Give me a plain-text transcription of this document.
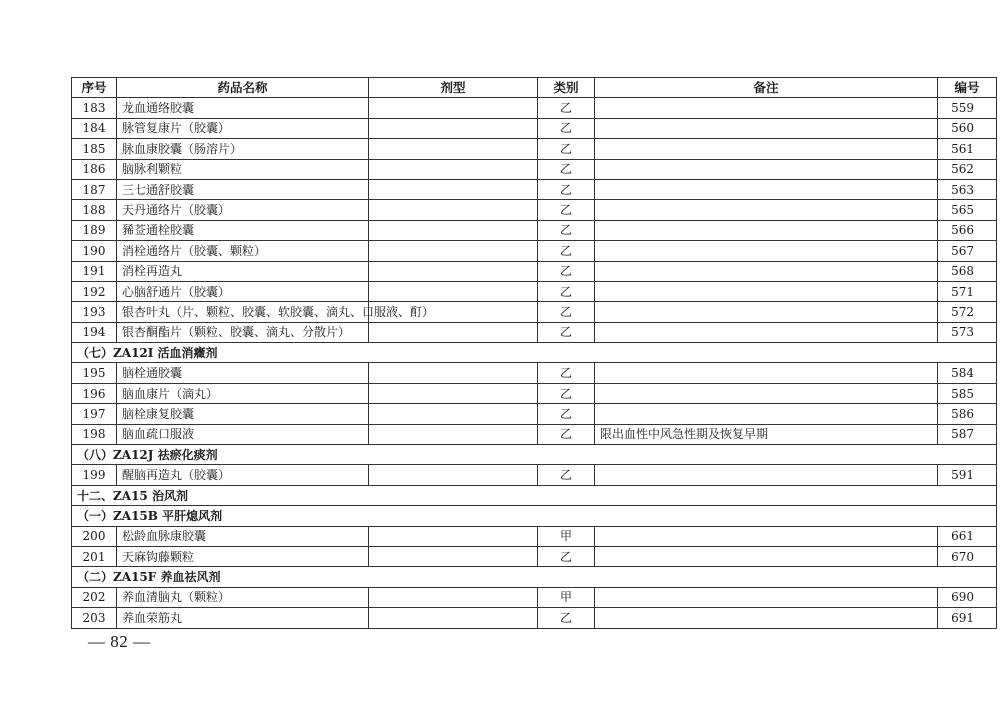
序号	药品名称	剂型	类别	备注	编号
183	龙血通络胶囊		乙		559
184	脉管复康片（胶囊）		乙		560
185	脉血康胶囊（肠溶片）		乙		561
186	脑脉利颗粒		乙		562
187	三七通舒胶囊		乙		563
188	天丹通络片（胶囊）		乙		565
189	豨莶通栓胶囊		乙		566
190	消栓通络片（胶囊、颗粒）		乙		567
191	消栓再造丸		乙		568
192	心脑舒通片（胶囊）		乙		571
193	银杏叶丸（片、颗粒、胶囊、软胶囊、滴丸、口服液、酊）		乙		572
194	银杏酮酯片（颗粒、胶囊、滴丸、分散片）		乙		573
（七）ZA12I 活血消癥剂					
195	脑栓通胶囊		乙		584
196	脑血康片（滴丸）		乙		585
197	脑栓康复胶囊		乙		586
198	脑血疏口服液		乙	限出血性中风急性期及恢复早期	587
（八）ZA12J 祛瘀化痰剂					
199	醒脑再造丸（胶囊）		乙		591
十二、ZA15 治风剂					
（一）ZA15B 平肝熄风剂					
200	松龄血脉康胶囊		甲		661
201	天麻钩藤颗粒		乙		670
（二）ZA15F 养血祛风剂					
202	养血清脑丸（颗粒）		甲		690
203	养血荣筋丸		乙		691
— 82 —
